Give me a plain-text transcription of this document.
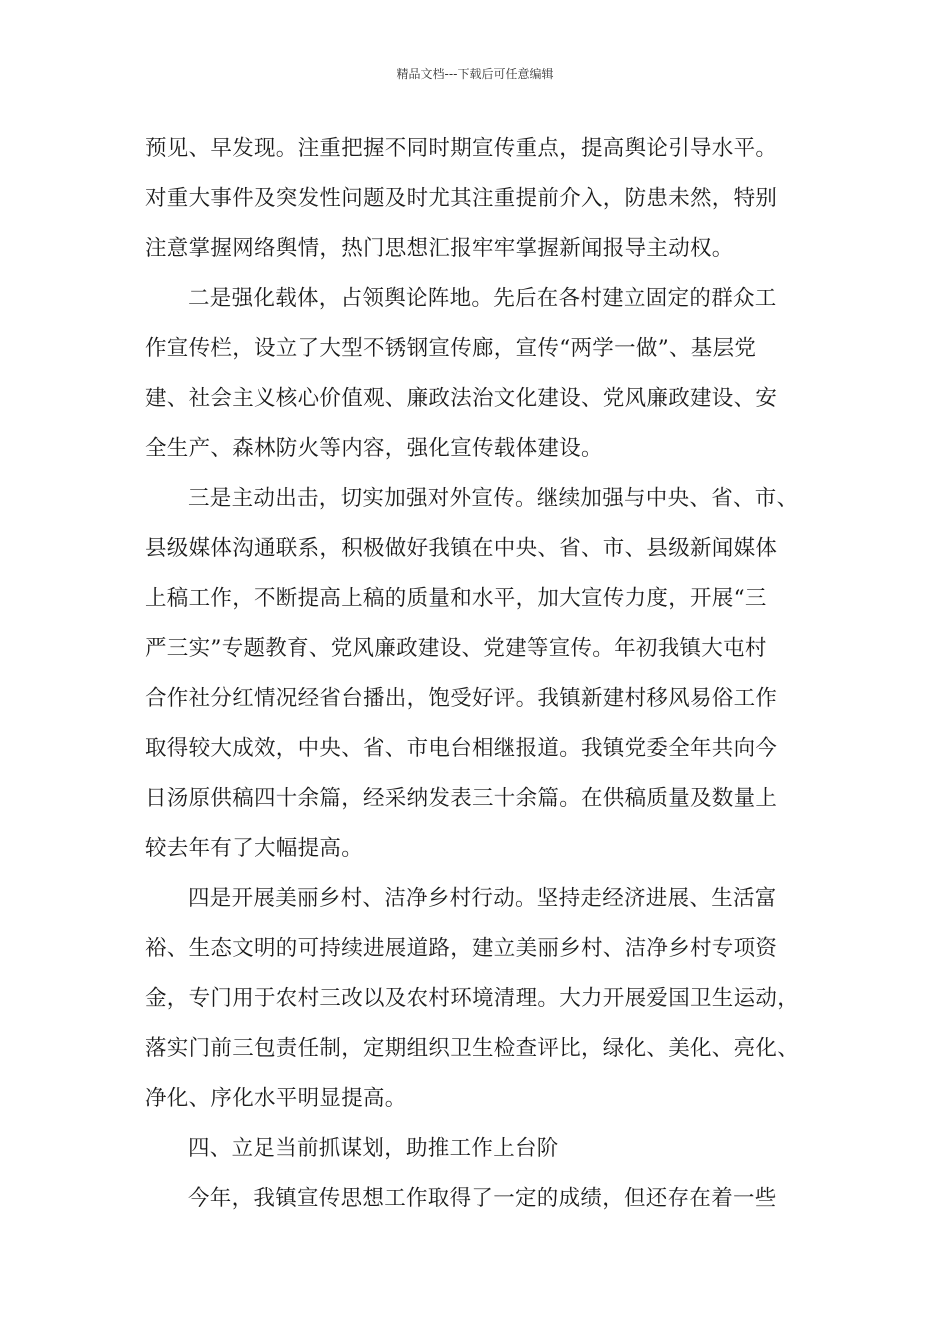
精品文档---下载后可任意编辑
预见、早发现。注重把握不同时期宣传重点，提高舆论引导水平。
对重大事件及突发性问题及时尤其注重提前介入，防患未然，特别
注意掌握网络舆情，热门思想汇报牢牢掌握新闻报导主动权。
二是强化载体，占领舆论阵地。先后在各村建立固定的群众工
作宣传栏，设立了大型不锈钢宣传廊，宣传“两学一做”、基层党
建、社会主义核心价值观、廉政法治文化建设、党风廉政建设、安
全生产、森林防火等内容，强化宣传载体建设。
三是主动出击，切实加强对外宣传。继续加强与中央、省、市、
县级媒体沟通联系，积极做好我镇在中央、省、市、县级新闻媒体
上稿工作，不断提高上稿的质量和水平，加大宣传力度，开展“三
严三实”专题教育、党风廉政建设、党建等宣传。年初我镇大屯村
合作社分红情况经省台播出，饱受好评。我镇新建村移风易俗工作
取得较大成效，中央、省、市电台相继报道。我镇党委全年共向今
日汤原供稿四十余篇，经采纳发表三十余篇。在供稿质量及数量上
较去年有了大幅提高。
四是开展美丽乡村、洁净乡村行动。坚持走经济进展、生活富
裕、生态文明的可持续进展道路，建立美丽乡村、洁净乡村专项资
金，专门用于农村三改以及农村环境清理。大力开展爱国卫生运动，
落实门前三包责任制，定期组织卫生检查评比，绿化、美化、亮化、
净化、序化水平明显提高。
四、立足当前抓谋划，助推工作上台阶
今年，我镇宣传思想工作取得了一定的成绩，但还存在着一些
